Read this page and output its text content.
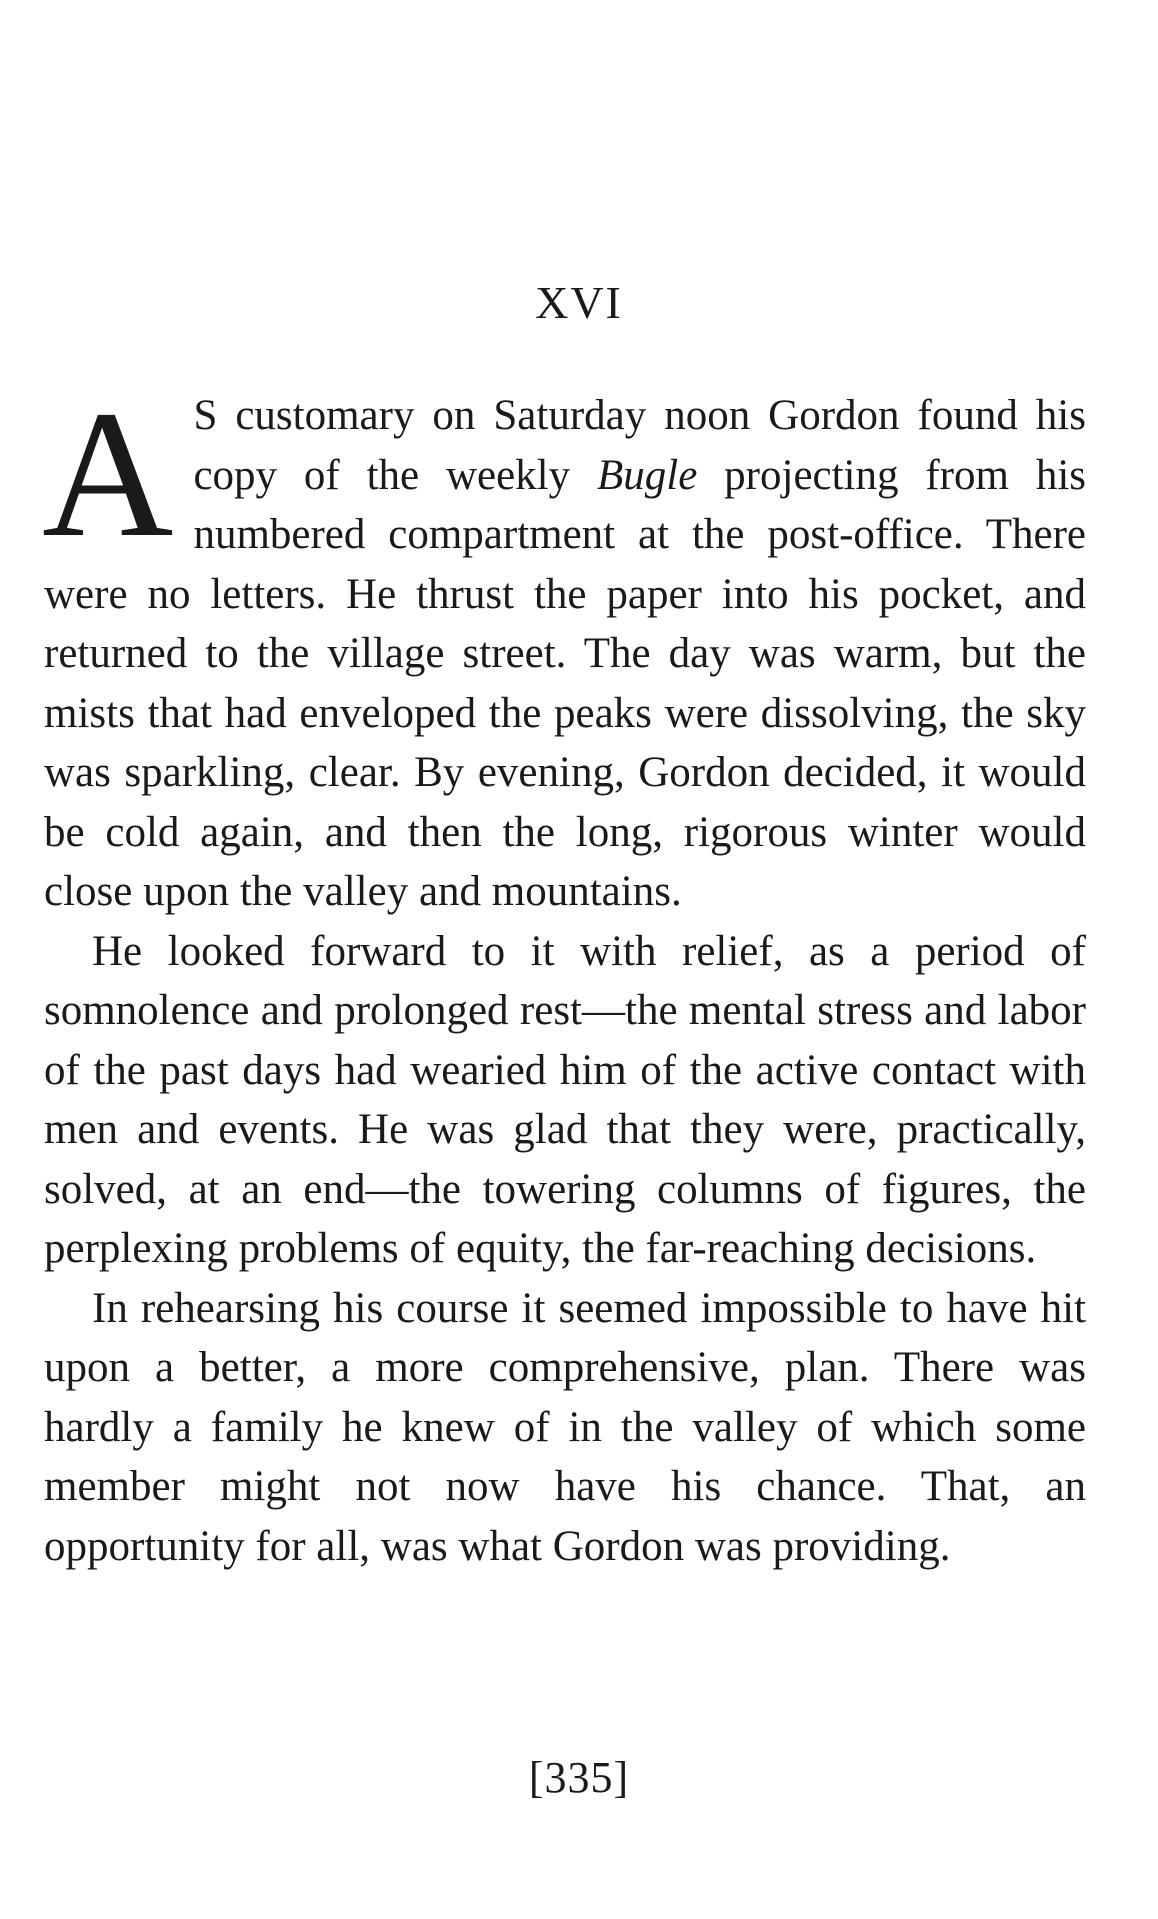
XVI

A S customary on Saturday noon Gordon found his copy of the weekly Bugle projecting from his numbered compartment at the post-office. There were no letters. He thrust the paper into his pocket, and returned to the village street. The day was warm, but the mists that had enveloped the peaks were dissolving, the sky was sparkling, clear. By evening, Gordon decided, it would be cold again, and then the long, rigorous winter would close upon the valley and mountains.

He looked forward to it with relief, as a period of somnolence and prolonged rest—the mental stress and labor of the past days had wearied him of the active contact with men and events. He was glad that they were, practically, solved, at an end—the towering columns of figures, the perplexing problems of equity, the far-reaching decisions.

In rehearsing his course it seemed impossible to have hit upon a better, a more comprehensive, plan. There was hardly a family he knew of in the valley of which some member might not now have his chance. That, an opportunity for all, was what Gordon was providing.

[335]
